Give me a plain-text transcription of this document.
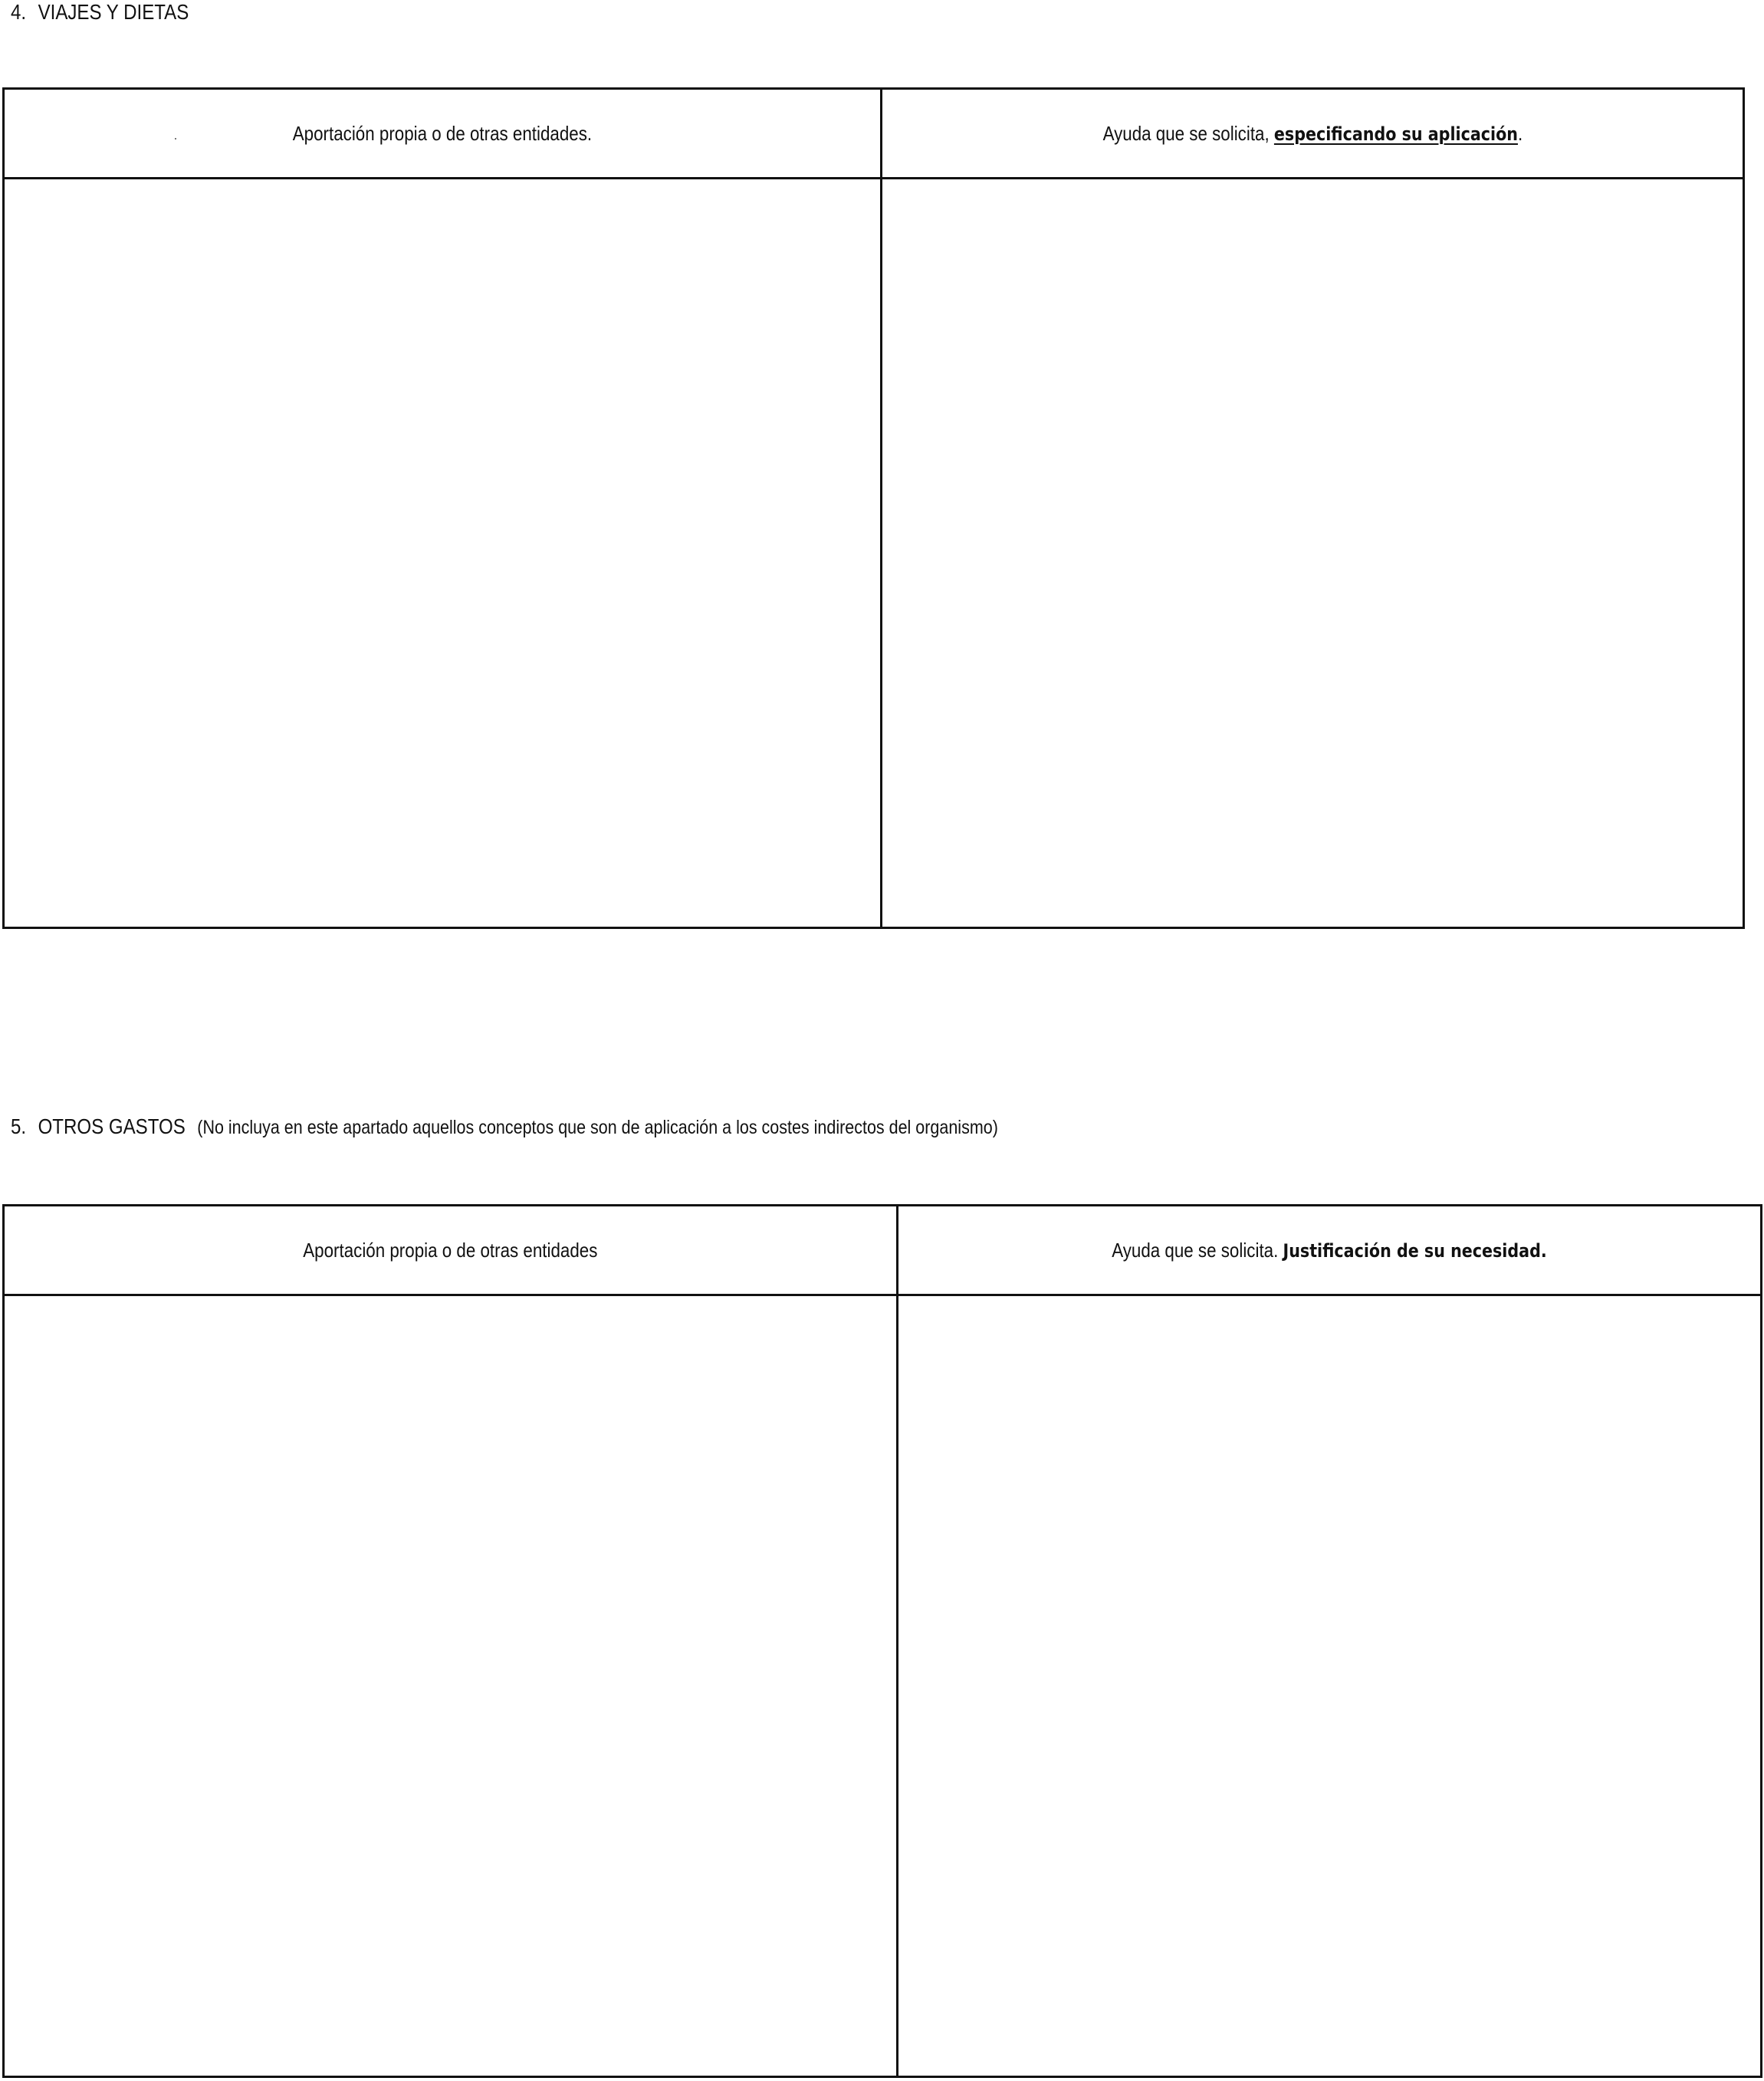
4. VIAJES Y DIETAS
Aportación propia o de otras entidades.	Ayuda que se solicita, especificando su aplicación.
5. OTROS GASTOS (No incluya en este apartado aquellos conceptos que son de aplicación a los costes indirectos del organismo)
Aportación propia o de otras entidades	Ayuda que se solicita. Justificación de su necesidad.
